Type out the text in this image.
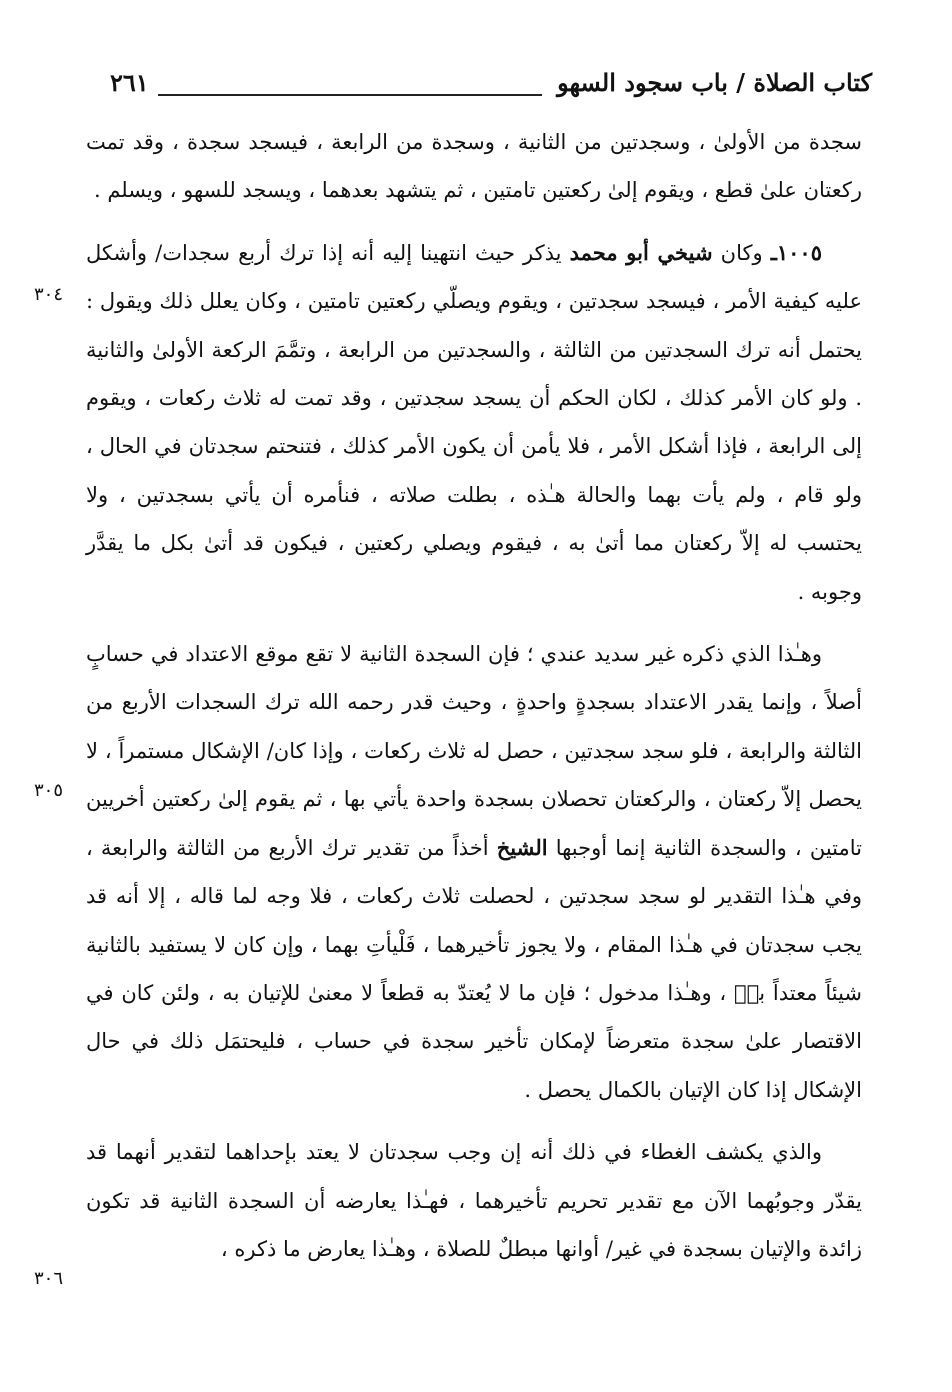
كتاب الصلاة / باب سجود السهو
٢٦١

سجدة من الأولىٰ ، وسجدتين من الثانية ، وسجدة من الرابعة ، فيسجد سجدة ، وقد تمت ركعتان علىٰ قطع ، ويقوم إلىٰ ركعتين تامتين ، ثم يتشهد بعدهما ، ويسجد للسهو ، ويسلم .

١٠٠٥ـ وكان شيخي أبو محمد يذكر حيث انتهينا إليه أنه إذا ترك أربع سجدات/ وأشكل عليه كيفية الأمر ، فيسجد سجدتين ، ويقوم ويصلّي ركعتين تامتين ، وكان يعلل ذلك ويقول : يحتمل أنه ترك السجدتين من الثالثة ، والسجدتين من الرابعة ، وتمَّمَ الركعة الأولىٰ والثانية . ولو كان الأمر كذلك ، لكان الحكم أن يسجد سجدتين ، وقد تمت له ثلاث ركعات ، ويقوم إلى الرابعة ، فإذا أشكل الأمر ، فلا يأمن أن يكون الأمر كذلك ، فتنحتم سجدتان في الحال ، ولو قام ، ولم يأت بهما والحالة هـٰذه ، بطلت صلاته ، فنأمره أن يأتي بسجدتين ، ولا يحتسب له إلاّ ركعتان مما أتىٰ به ، فيقوم ويصلي ركعتين ، فيكون قد أتىٰ بكل ما يقدَّر وجوبه .

وهـٰذا الذي ذكره غير سديد عندي ؛ فإن السجدة الثانية لا تقع موقع الاعتداد في حسابٍ أصلاً ، وإنما يقدر الاعتداد بسجدةٍ واحدةٍ ، وحيث قدر رحمه الله ترك السجدات الأربع من الثالثة والرابعة ، فلو سجد سجدتين ، حصل له ثلاث ركعات ، وإذا كان/ الإشكال مستمراً ، لا يحصل إلاّ ركعتان ، والركعتان تحصلان بسجدة واحدة يأتي بها ، ثم يقوم إلىٰ ركعتين أخريين تامتين ، والسجدة الثانية إنما أوجبها الشيخ أخذاً من تقدير ترك الأربع من الثالثة والرابعة ، وفي هـٰذا التقدير لو سجد سجدتين ، لحصلت ثلاث ركعات ، فلا وجه لما قاله ، إلا أنه قد يجب سجدتان في هـٰذا المقام ، ولا يجوز تأخيرهما ، فَلْيأتِ بهما ، وإن كان لا يستفيد بالثانية شيئاً معتداً بهٖ ، وهـٰذا مدخول ؛ فإن ما لا يُعتدّ به قطعاً لا معنىٰ للإتيان به ، ولئن كان في الاقتصار علىٰ سجدة متعرضاً لإمكان تأخير سجدة في حساب ، فليحتمَل ذلك في حال الإشكال إذا كان الإتيان بالكمال يحصل .

والذي يكشف الغطاء في ذلك أنه إن وجب سجدتان لا يعتد بإحداهما لتقدير أنهما قد يقدّر وجوبُهما الآن مع تقدير تحريم تأخيرهما ، فهـٰذا يعارضه أن السجدة الثانية قد تكون زائدة والإتيان بسجدة في غير/ أوانها مبطلٌ للصلاة ، وهـٰذا يعارض ما ذكره ،

٣٠٤
٣٠٥
٣٠٦
